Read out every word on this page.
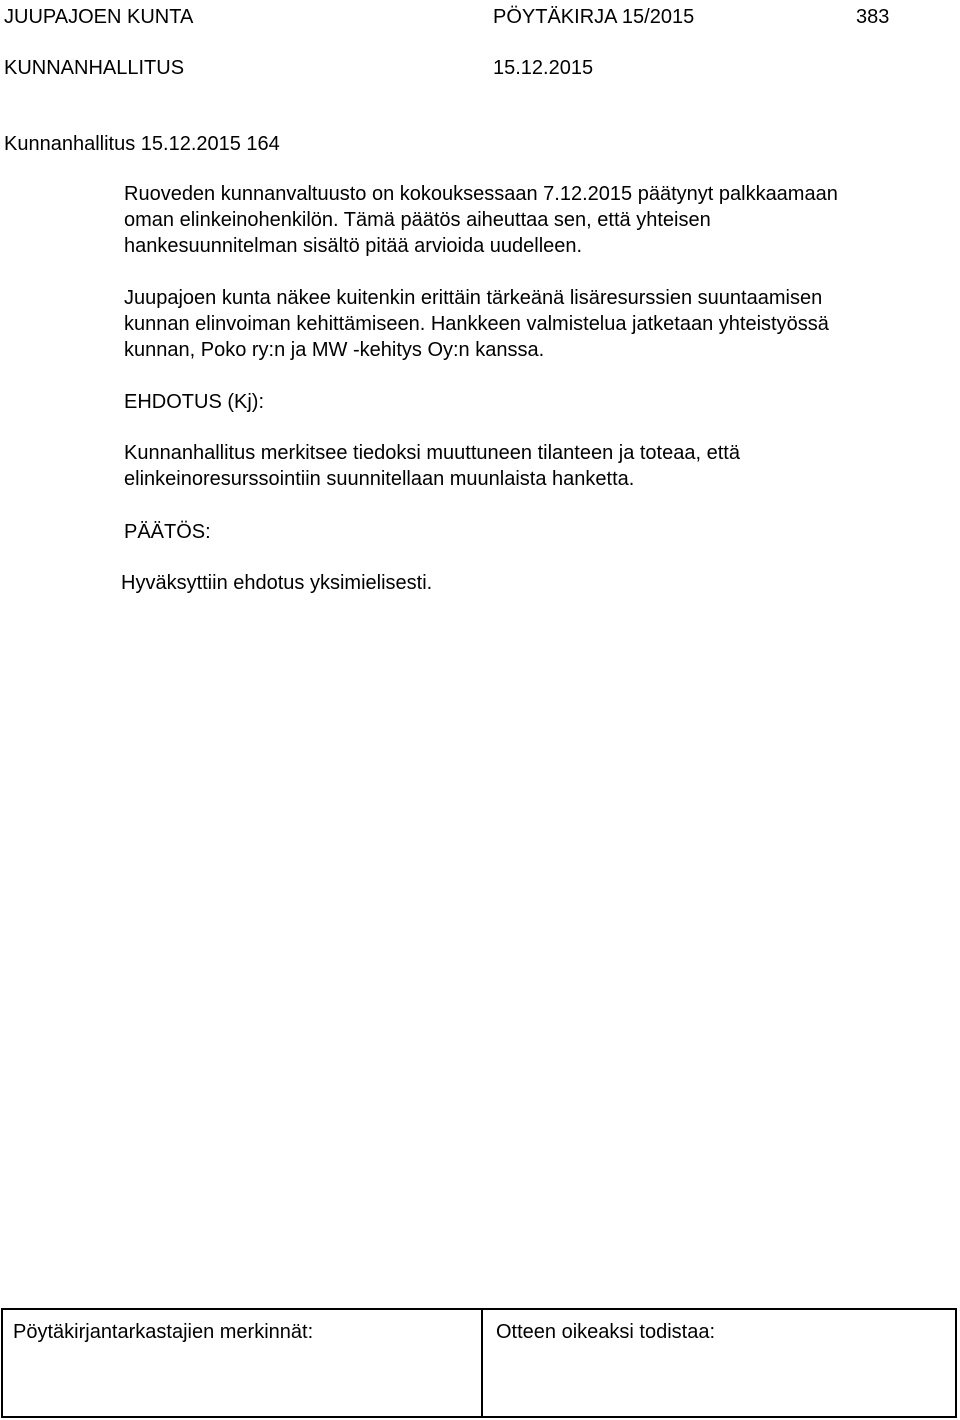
JUUPAJOEN KUNTA	PÖYTÄKIRJA 15/2015	383
KUNNANHALLITUS	15.12.2015
Kunnanhallitus 15.12.2015 164
Ruoveden kunnanvaltuusto on kokouksessaan 7.12.2015 päätynyt palkkaamaan
oman elinkeinohenkilön. Tämä päätös aiheuttaa sen, että yhteisen
hankesuunnitelman sisältö pitää arvioida uudelleen.
Juupajoen kunta näkee kuitenkin erittäin tärkeänä lisäresurssien suuntaamisen
kunnan elinvoiman kehittämiseen. Hankkeen valmistelua jatketaan yhteistyössä
kunnan, Poko ry:n ja MW -kehitys Oy:n kanssa.
EHDOTUS (Kj):
Kunnanhallitus merkitsee tiedoksi muuttuneen tilanteen ja toteaa, että
elinkeinoresurssointiin suunnitellaan muunlaista hanketta.
PÄÄTÖS:
Hyväksyttiin ehdotus yksimielisesti.
Pöytäkirjantarkastajien merkinnät:	Otteen oikeaksi todistaa:
